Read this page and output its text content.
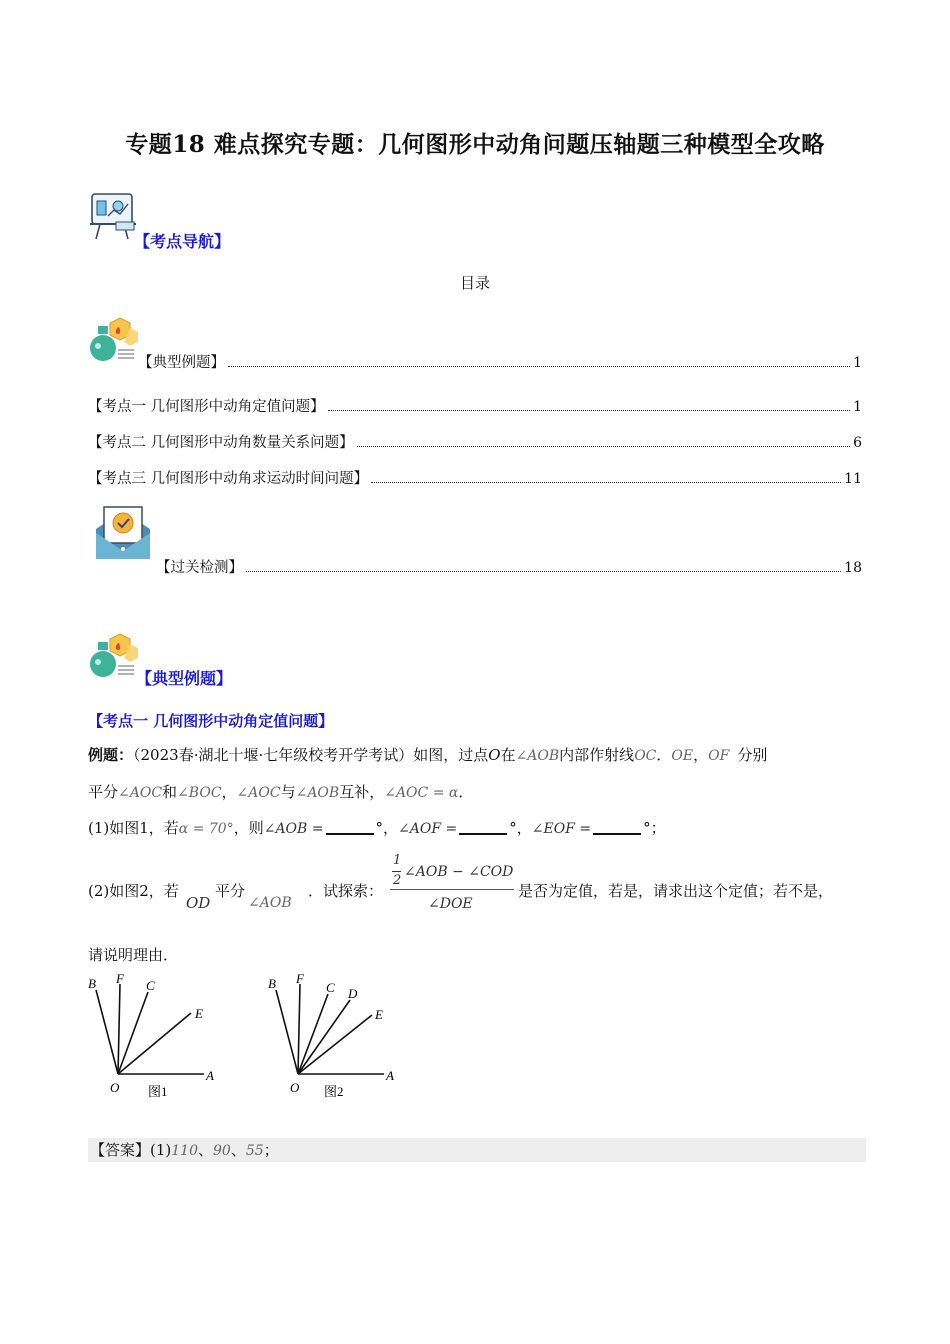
专题18 难点探究专题：几何图形中动角问题压轴题三种模型全攻略
【考点导航】
目录
【典型例题】	1
【考点一 几何图形中动角定值问题】	1
【考点二 几何图形中动角数量关系问题】	6
【考点三 几何图形中动角求运动时间问题】	11
【过关检测】	18
【典型例题】
【考点一 几何图形中动角定值问题】
例题：（2023春·湖北十堰·七年级校考开学考试）如图，过点O在∠AOB内部作射线OC．OE，OF 分别
平分∠AOC和∠BOC，∠AOC与∠AOB互补，∠AOC = α．
(1)如图1，若α = 70°，则∠AOB =	°，∠AOF =	°，∠EOF =	°；
(2)如图2，若
OD
平分
∠AOB
．试探索：
1
2
∠AOB − ∠COD
∠DOE
是否为定值，若是，请求出这个定值；若不是，
请说明理由．
B F C
E
A
O 图1
B F
C D
E
A
O 图2
【答案】(1)110、90、55；
